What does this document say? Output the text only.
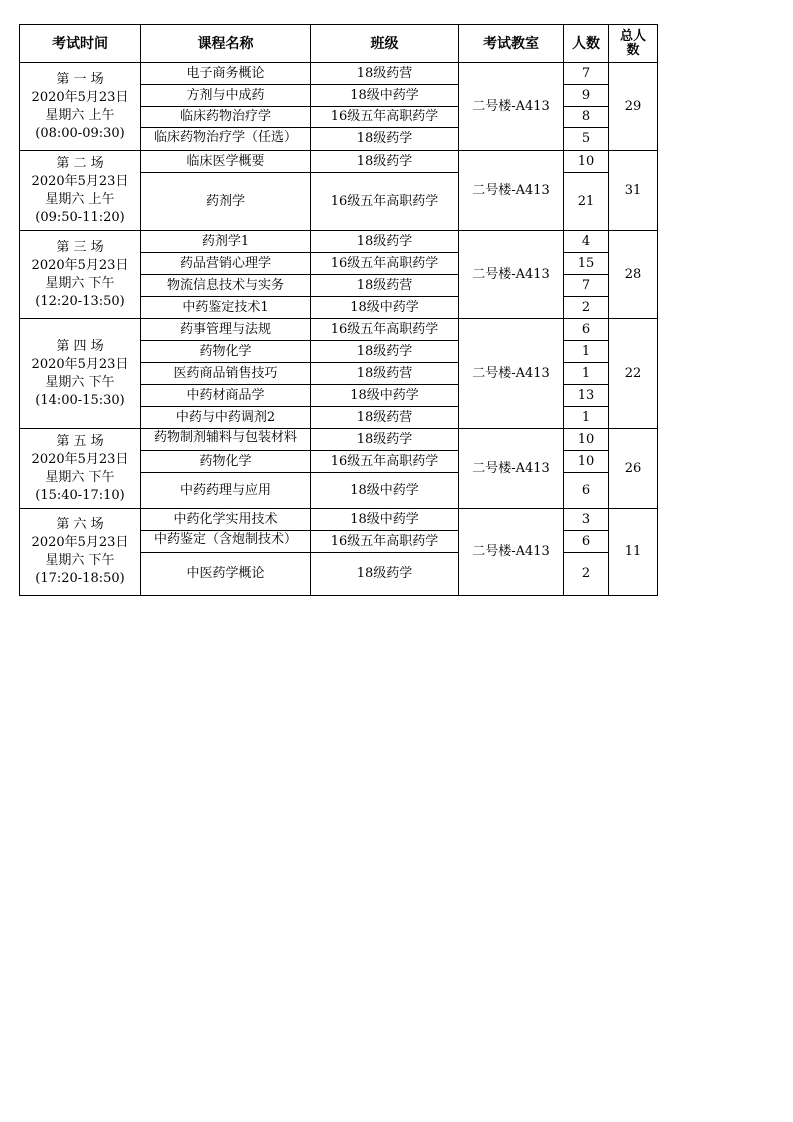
考试时间	课程名称	班级	考试教室	人数	总人
数

第 一 场
2020年5月23日
星期六 上午
(08:00-09:30)	电子商务概论	18级药营	二号楼-A413	7	29
	方剂与中成药	18级中药学		9	
	临床药物治疗学	16级五年高职药学		8	

	临床药物治疗学（任选）	18级药学		5	

第 二 场
2020年5月23日
星期六 上午
(09:50-11:20)	临床医学概要	18级药学	二号楼-A413	10	31
	药剂学	16级五年高职药学		21	

第 三 场
2020年5月23日
星期六 下午
(12:20-13:50)	药剂学1	18级药学	二号楼-A413	4	28
	药品营销心理学	16级五年高职药学		15	
	物流信息技术与实务	18级药营		7	
	中药鉴定技术1	18级中药学		2	

第 四 场
2020年5月23日
星期六 下午
(14:00-15:30)	药事管理与法规	16级五年高职药学	二号楼-A413	6	22
	药物化学	18级药学		1	
	医药商品销售技巧	18级药营		1	
	中药材商品学	18级中药学		13	
	中药与中药调剂2	18级药营		1	

第 五 场
2020年5月23日
星期六 下午
(15:40-17:10)	药物制剂辅料与包装材料	18级药学	二号楼-A413	10	26
	药物化学	16级五年高职药学		10	
	中药药理与应用	18级中药学		6	

第 六 场
2020年5月23日
星期六 下午
(17:20-18:50)	中药化学实用技术	18级中药学	二号楼-A413	3	11

	中药鉴定（含炮制技术）	16级五年高职药学		6	
	中医药学概论	18级药学		2	
